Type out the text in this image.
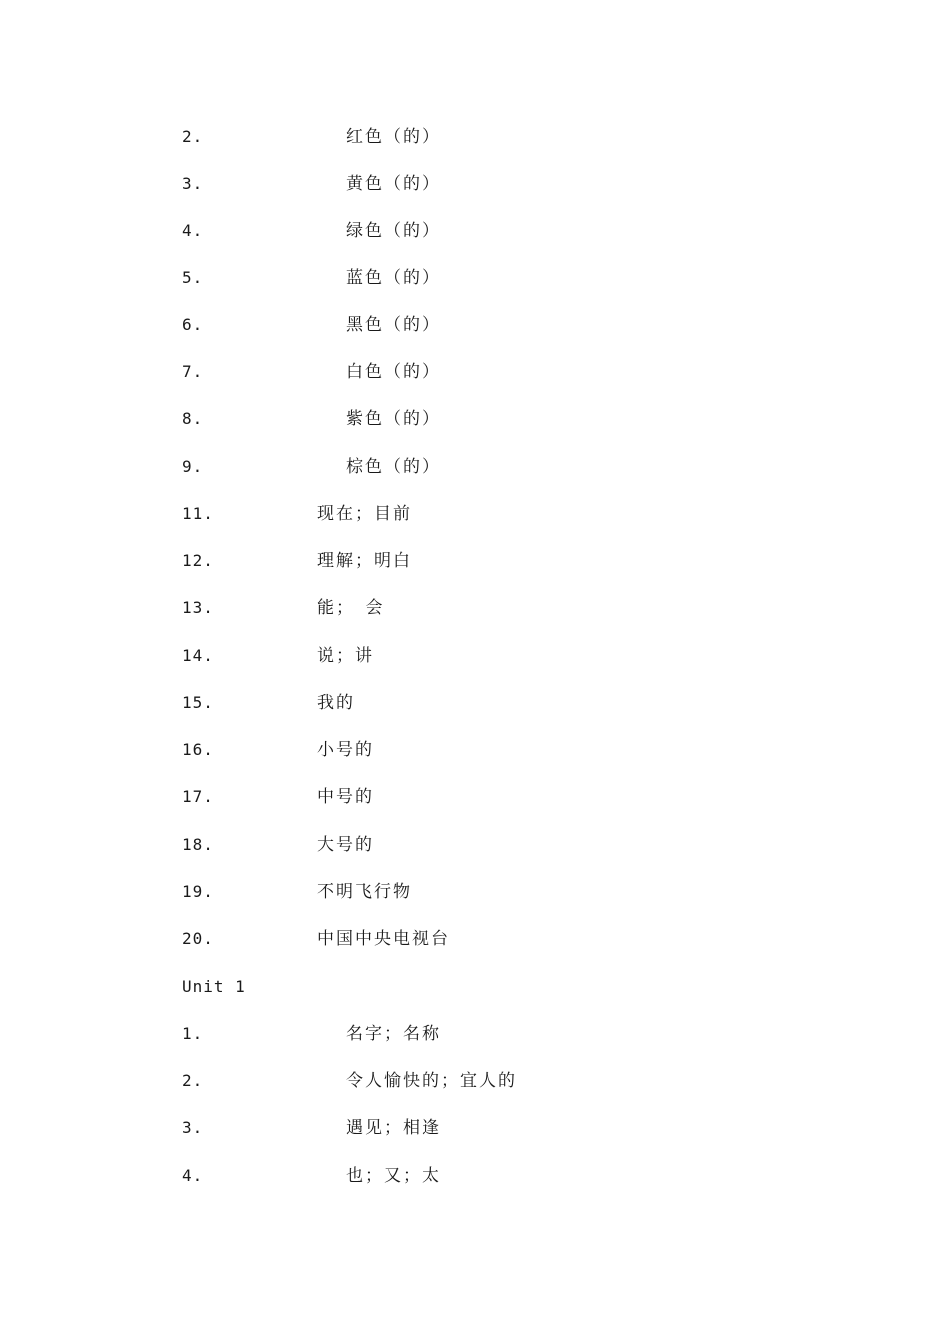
2.	红色（的）
3.	黄色（的）
4.	绿色（的）
5.	蓝色（的）
6.	黑色（的）
7.	白色（的）
8.	紫色（的）
9.	棕色（的）
11.	现在；目前
12.	理解；明白
13.	能；　会
14.	说；讲
15.	我的
16.	小号的
17.	中号的
18.	大号的
19.	不明飞行物
20.	中国中央电视台
Unit 1
1.	名字；名称
2.	令人愉快的；宜人的
3.	遇见；相逢
4.	也；又；太
